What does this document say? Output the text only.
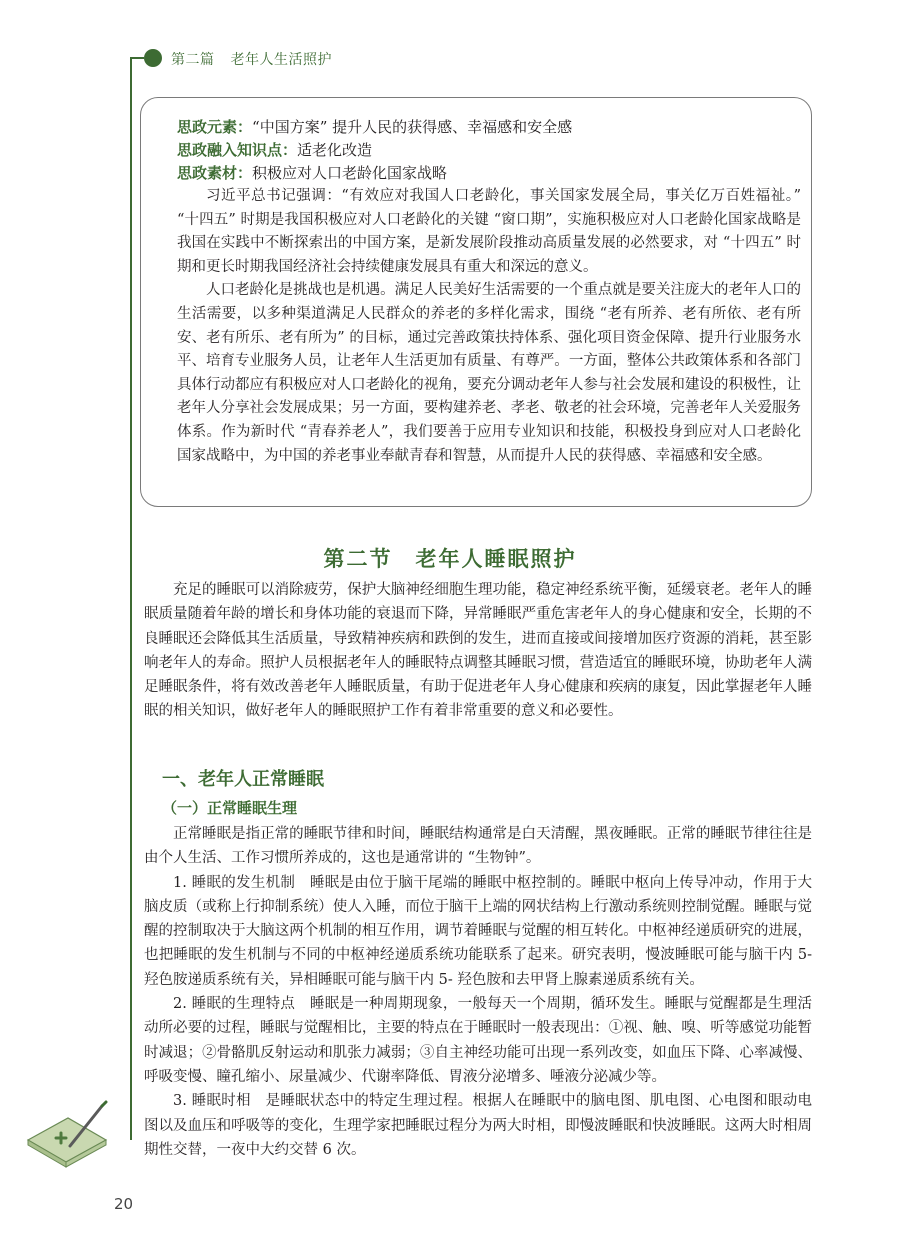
第二篇 老年人生活照护

思政元素：“中国方案” 提升人民的获得感、幸福感和安全感

思政融入知识点：适老化改造

思政素材：积极应对人口老龄化国家战略

习近平总书记强调：“有效应对我国人口老龄化，事关国家发展全局，事关亿万百姓福祉。” “十四五” 时期是我国积极应对人口老龄化的关键 “窗口期”，实施积极应对人口老龄化国家战略是我国在实践中不断探索出的中国方案，是新发展阶段推动高质量发展的必然要求，对 “十四五” 时期和更长时期我国经济社会持续健康发展具有重大和深远的意义。

人口老龄化是挑战也是机遇。满足人民美好生活需要的一个重点就是要关注庞大的老年人口的生活需要，以多种渠道满足人民群众的养老的多样化需求，围绕 “老有所养、老有所依、老有所安、老有所乐、老有所为” 的目标，通过完善政策扶持体系、强化项目资金保障、提升行业服务水平、培育专业服务人员，让老年人生活更加有质量、有尊严。一方面，整体公共政策体系和各部门具体行动都应有积极应对人口老龄化的视角，要充分调动老年人参与社会发展和建设的积极性，让老年人分享社会发展成果；另一方面，要构建养老、孝老、敬老的社会环境，完善老年人关爱服务体系。作为新时代 “青春养老人”，我们要善于应用专业知识和技能，积极投身到应对人口老龄化国家战略中，为中国的养老事业奉献青春和智慧，从而提升人民的获得感、幸福感和安全感。

第二节　老年人睡眠照护

充足的睡眠可以消除疲劳，保护大脑神经细胞生理功能，稳定神经系统平衡，延缓衰老。老年人的睡眠质量随着年龄的增长和身体功能的衰退而下降，异常睡眠严重危害老年人的身心健康和安全，长期的不良睡眠还会降低其生活质量，导致精神疾病和跌倒的发生，进而直接或间接增加医疗资源的消耗，甚至影响老年人的寿命。照护人员根据老年人的睡眠特点调整其睡眠习惯，营造适宜的睡眠环境，协助老年人满足睡眠条件，将有效改善老年人睡眠质量，有助于促进老年人身心健康和疾病的康复，因此掌握老年人睡眠的相关知识，做好老年人的睡眠照护工作有着非常重要的意义和必要性。

一、老年人正常睡眠
（一）正常睡眠生理

正常睡眠是指正常的睡眠节律和时间，睡眠结构通常是白天清醒，黑夜睡眠。正常的睡眠节律往往是由个人生活、工作习惯所养成的，这也是通常讲的 “生物钟”。

1. 睡眠的发生机制　 睡眠是由位于脑干尾端的睡眠中枢控制的。睡眠中枢向上传导冲动，作用于大脑皮质（或称上行抑制系统）使人入睡，而位于脑干上端的网状结构上行激动系统则控制觉醒。睡眠与觉醒的控制取决于大脑这两个机制的相互作用，调节着睡眠与觉醒的相互转化。中枢神经递质研究的进展，也把睡眠的发生机制与不同的中枢神经递质系统功能联系了起来。研究表明，慢波睡眠可能与脑干内 5- 羟色胺递质系统有关，异相睡眠可能与脑干内 5- 羟色胺和去甲肾上腺素递质系统有关。

2. 睡眠的生理特点　 睡眠是一种周期现象，一般每天一个周期，循环发生。睡眠与觉醒都是生理活动所必要的过程，睡眠与觉醒相比，主要的特点在于睡眠时一般表现出：①视、触、嗅、听等感觉功能暂时减退；②骨骼肌反射运动和肌张力减弱；③自主神经功能可出现一系列改变，如血压下降、心率减慢、呼吸变慢、瞳孔缩小、尿量减少、代谢率降低、胃液分泌增多、唾液分泌减少等。

3. 睡眠时相　 是睡眠状态中的特定生理过程。根据人在睡眠中的脑电图、肌电图、心电图和眼动电图以及血压和呼吸等的变化，生理学家把睡眠过程分为两大时相，即慢波睡眠和快波睡眠。这两大时相周期性交替，一夜中大约交替 6 次。

20
